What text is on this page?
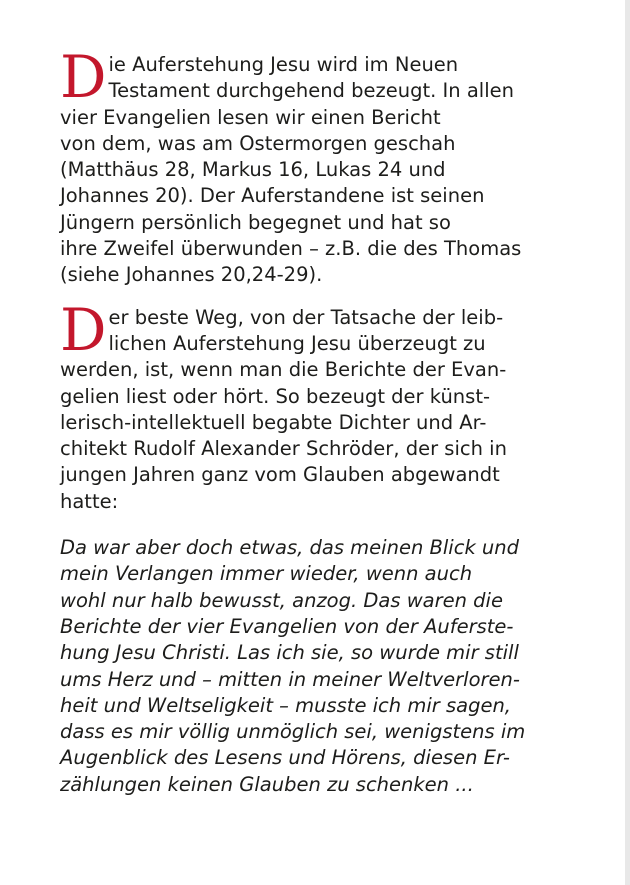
D ie Auferstehung Jesu wird im Neuen
Testament durchgehend bezeugt. In allen
vier Evangelien lesen wir einen Bericht
von dem, was am Ostermorgen geschah
(Matthäus 28, Markus 16, Lukas 24 und
Johannes 20). Der Auferstandene ist seinen
Jüngern persönlich begegnet und hat so
ihre Zweifel überwunden – z.B. die des Thomas
(siehe Johannes 20,24-29).
D er beste Weg, von der Tatsache der leib-
lichen Auferstehung Jesu überzeugt zu
werden, ist, wenn man die Berichte der Evan-
gelien liest oder hört. So bezeugt der künst-
lerisch-intellektuell begabte Dichter und Ar-
chitekt Rudolf Alexander Schröder, der sich in
jungen Jahren ganz vom Glauben abgewandt
hatte:
Da war aber doch etwas, das meinen Blick und
mein Verlangen immer wieder, wenn auch
wohl nur halb bewusst, anzog. Das waren die
Berichte der vier Evangelien von der Auferste-
hung Jesu Christi. Las ich sie, so wurde mir still
ums Herz und – mitten in meiner Weltverloren-
heit und Weltseligkeit – musste ich mir sagen,
dass es mir völlig unmöglich sei, wenigstens im
Augenblick des Lesens und Hörens, diesen Er-
zählungen keinen Glauben zu schenken ...
